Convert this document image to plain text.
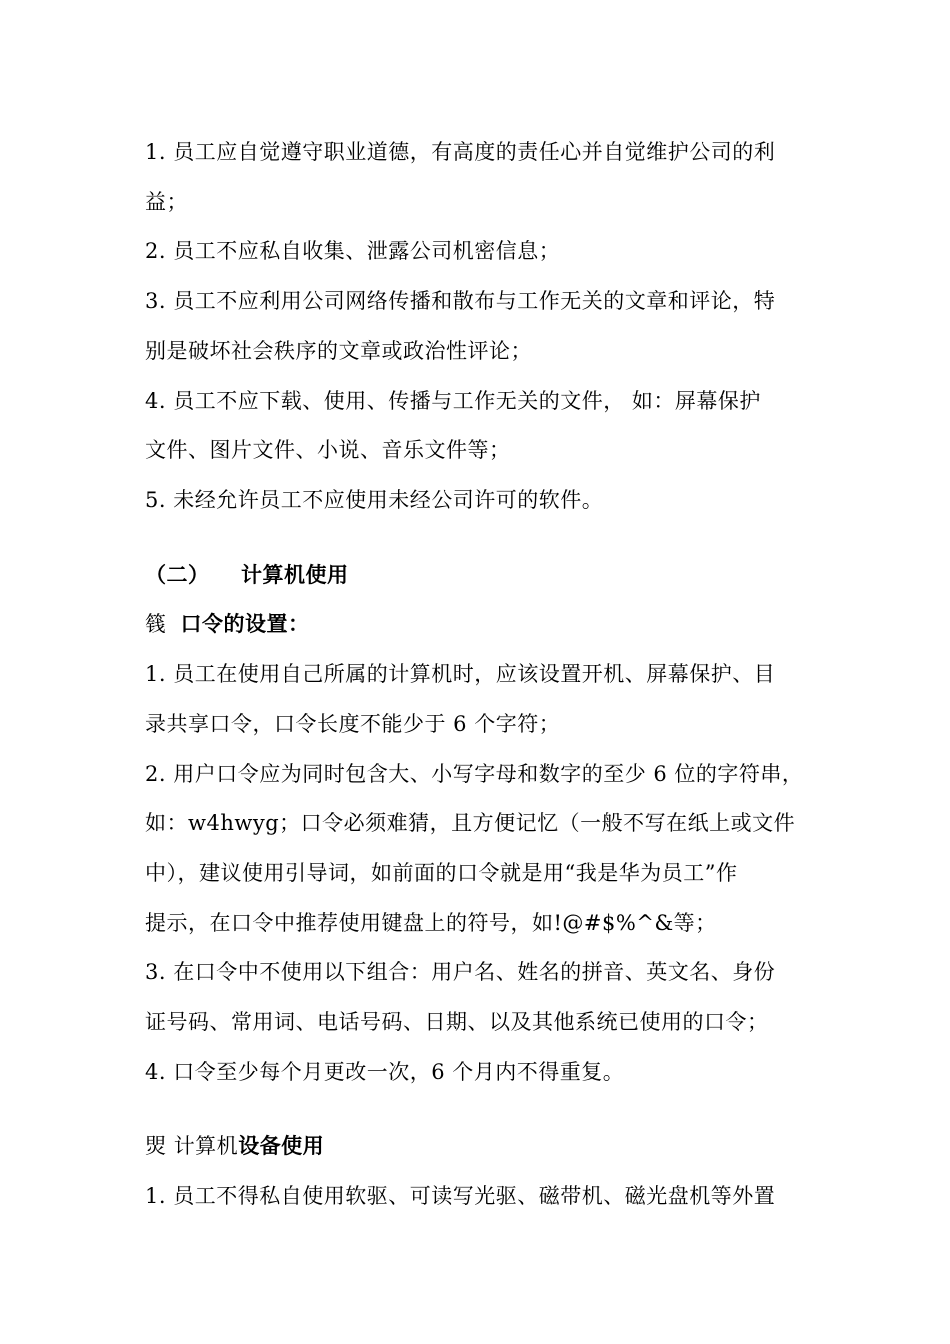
1. 员工应自觉遵守职业道德，有高度的责任心并自觉维护公司的利
益；
2. 员工不应私自收集、泄露公司机密信息；
3. 员工不应利用公司网络传播和散布与工作无关的文章和评论，特
别是破坏社会秩序的文章或政治性评论；
4. 员工不应下载、使用、传播与工作无关的文件， 如：屏幕保护
文件、图片文件、小说、音乐文件等；
5. 未经允许员工不应使用未经公司许可的软件。
（二） 计算机使用
篯 口令的设置：
1. 员工在使用自己所属的计算机时，应该设置开机、屏幕保护、目
录共享口令，口令长度不能少于 6 个字符；
2. 用户口令应为同时包含大、小写字母和数字的至少 6 位的字符串，
如：w4hwyg；口令必须难猜，且方便记忆（一般不写在纸上或文件
中），建议使用引导词，如前面的口令就是用“我是华为员工”作
提示，在口令中推荐使用键盘上的符号，如!@#$%^&等；
3. 在口令中不使用以下组合：用户名、姓名的拼音、英文名、身份
证号码、常用词、电话号码、日期、以及其他系统已使用的口令；
4. 口令至少每个月更改一次，6 个月内不得重复。
焸 计算机设备使用
1. 员工不得私自使用软驱、可读写光驱、磁带机、磁光盘机等外置
